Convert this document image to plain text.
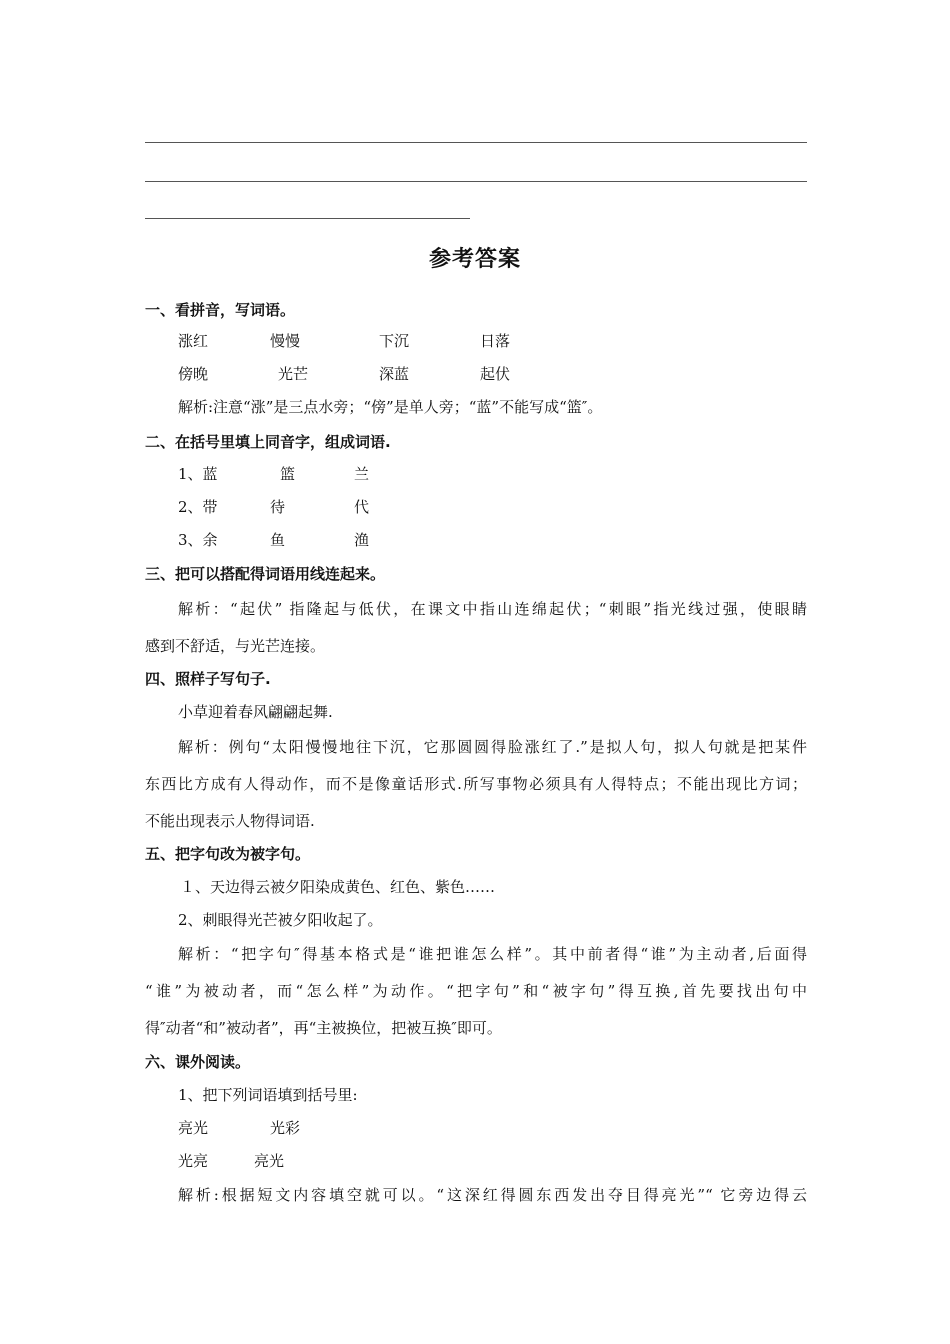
参考答案
一、看拼音，写词语。
涨红	慢慢	下沉	日落
傍晚	光芒	深蓝	起伏
解析:注意“涨”是三点水旁；“傍”是单人旁；“蓝”不能写成“篮″。
二、在括号里填上同音字，组成词语.
1、蓝	篮	兰
2、带	待	代
3、余	鱼	渔
三、把可以搭配得词语用线连起来。
解析：“起伏” 指隆起与低伏，在课文中指山连绵起伏；“刺眼”指光线过强，使眼睛
感到不舒适，与光芒连接。
四、照样子写句子.
小草迎着春风翩翩起舞.
解析：例句“太阳慢慢地往下沉，它那圆圆得脸涨红了.”是拟人句，拟人句就是把某件
东西比方成有人得动作，而不是像童话形式.所写事物必须具有人得特点；不能出现比方词；
不能出现表示人物得词语.
五、把字句改为被字句。
１、天边得云被夕阳染成黄色、红色、紫色……
2、刺眼得光芒被夕阳收起了。
解析：“把字句″得基本格式是“谁把谁怎么样”。其中前者得“谁”为主动者,后面得
“谁”为被动者，而“怎么样”为动作。“把字句”和“被字句”得互换,首先要找出句中
得″动者“和”被动者”，再“主被换位，把被互换″即可。
六、课外阅读。
1、把下列词语填到括号里:
亮光	光彩
光亮	亮光
解析:根据短文内容填空就可以。“这深红得圆东西发出夺目得亮光”“ 它旁边得云
